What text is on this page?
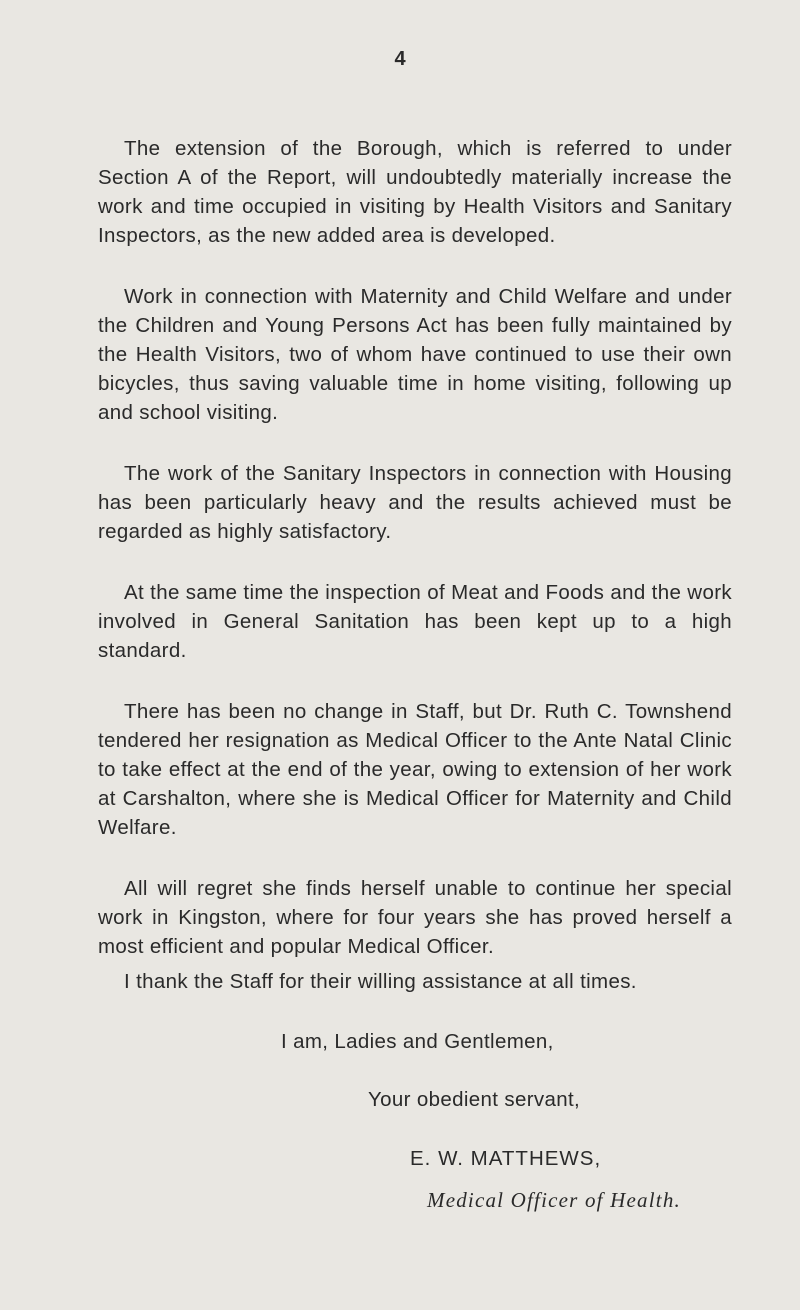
4

The extension of the Borough, which is referred to under Section A of the Report, will undoubtedly materially increase the work and time occupied in visiting by Health Visitors and Sanitary Inspectors, as the new added area is developed.

Work in connection with Maternity and Child Welfare and under the Children and Young Persons Act has been fully maintained by the Health Visitors, two of whom have continued to use their own bicycles, thus saving valuable time in home visiting, following up and school visiting.

The work of the Sanitary Inspectors in connection with Housing has been particularly heavy and the results achieved must be regarded as highly satisfactory.

At the same time the inspection of Meat and Foods and the work involved in General Sanitation has been kept up to a high standard.

There has been no change in Staff, but Dr. Ruth C. Townshend tendered her resignation as Medical Officer to the Ante Natal Clinic to take effect at the end of the year, owing to extension of her work at Carshalton, where she is Medical Officer for Maternity and Child Welfare.

All will regret she finds herself unable to continue her special work in Kingston, where for four years she has proved herself a most efficient and popular Medical Officer.

I thank the Staff for their willing assistance at all times.
I am, Ladies and Gentlemen,
Your obedient servant,
E. W. MATTHEWS,
Medical Officer of Health.
